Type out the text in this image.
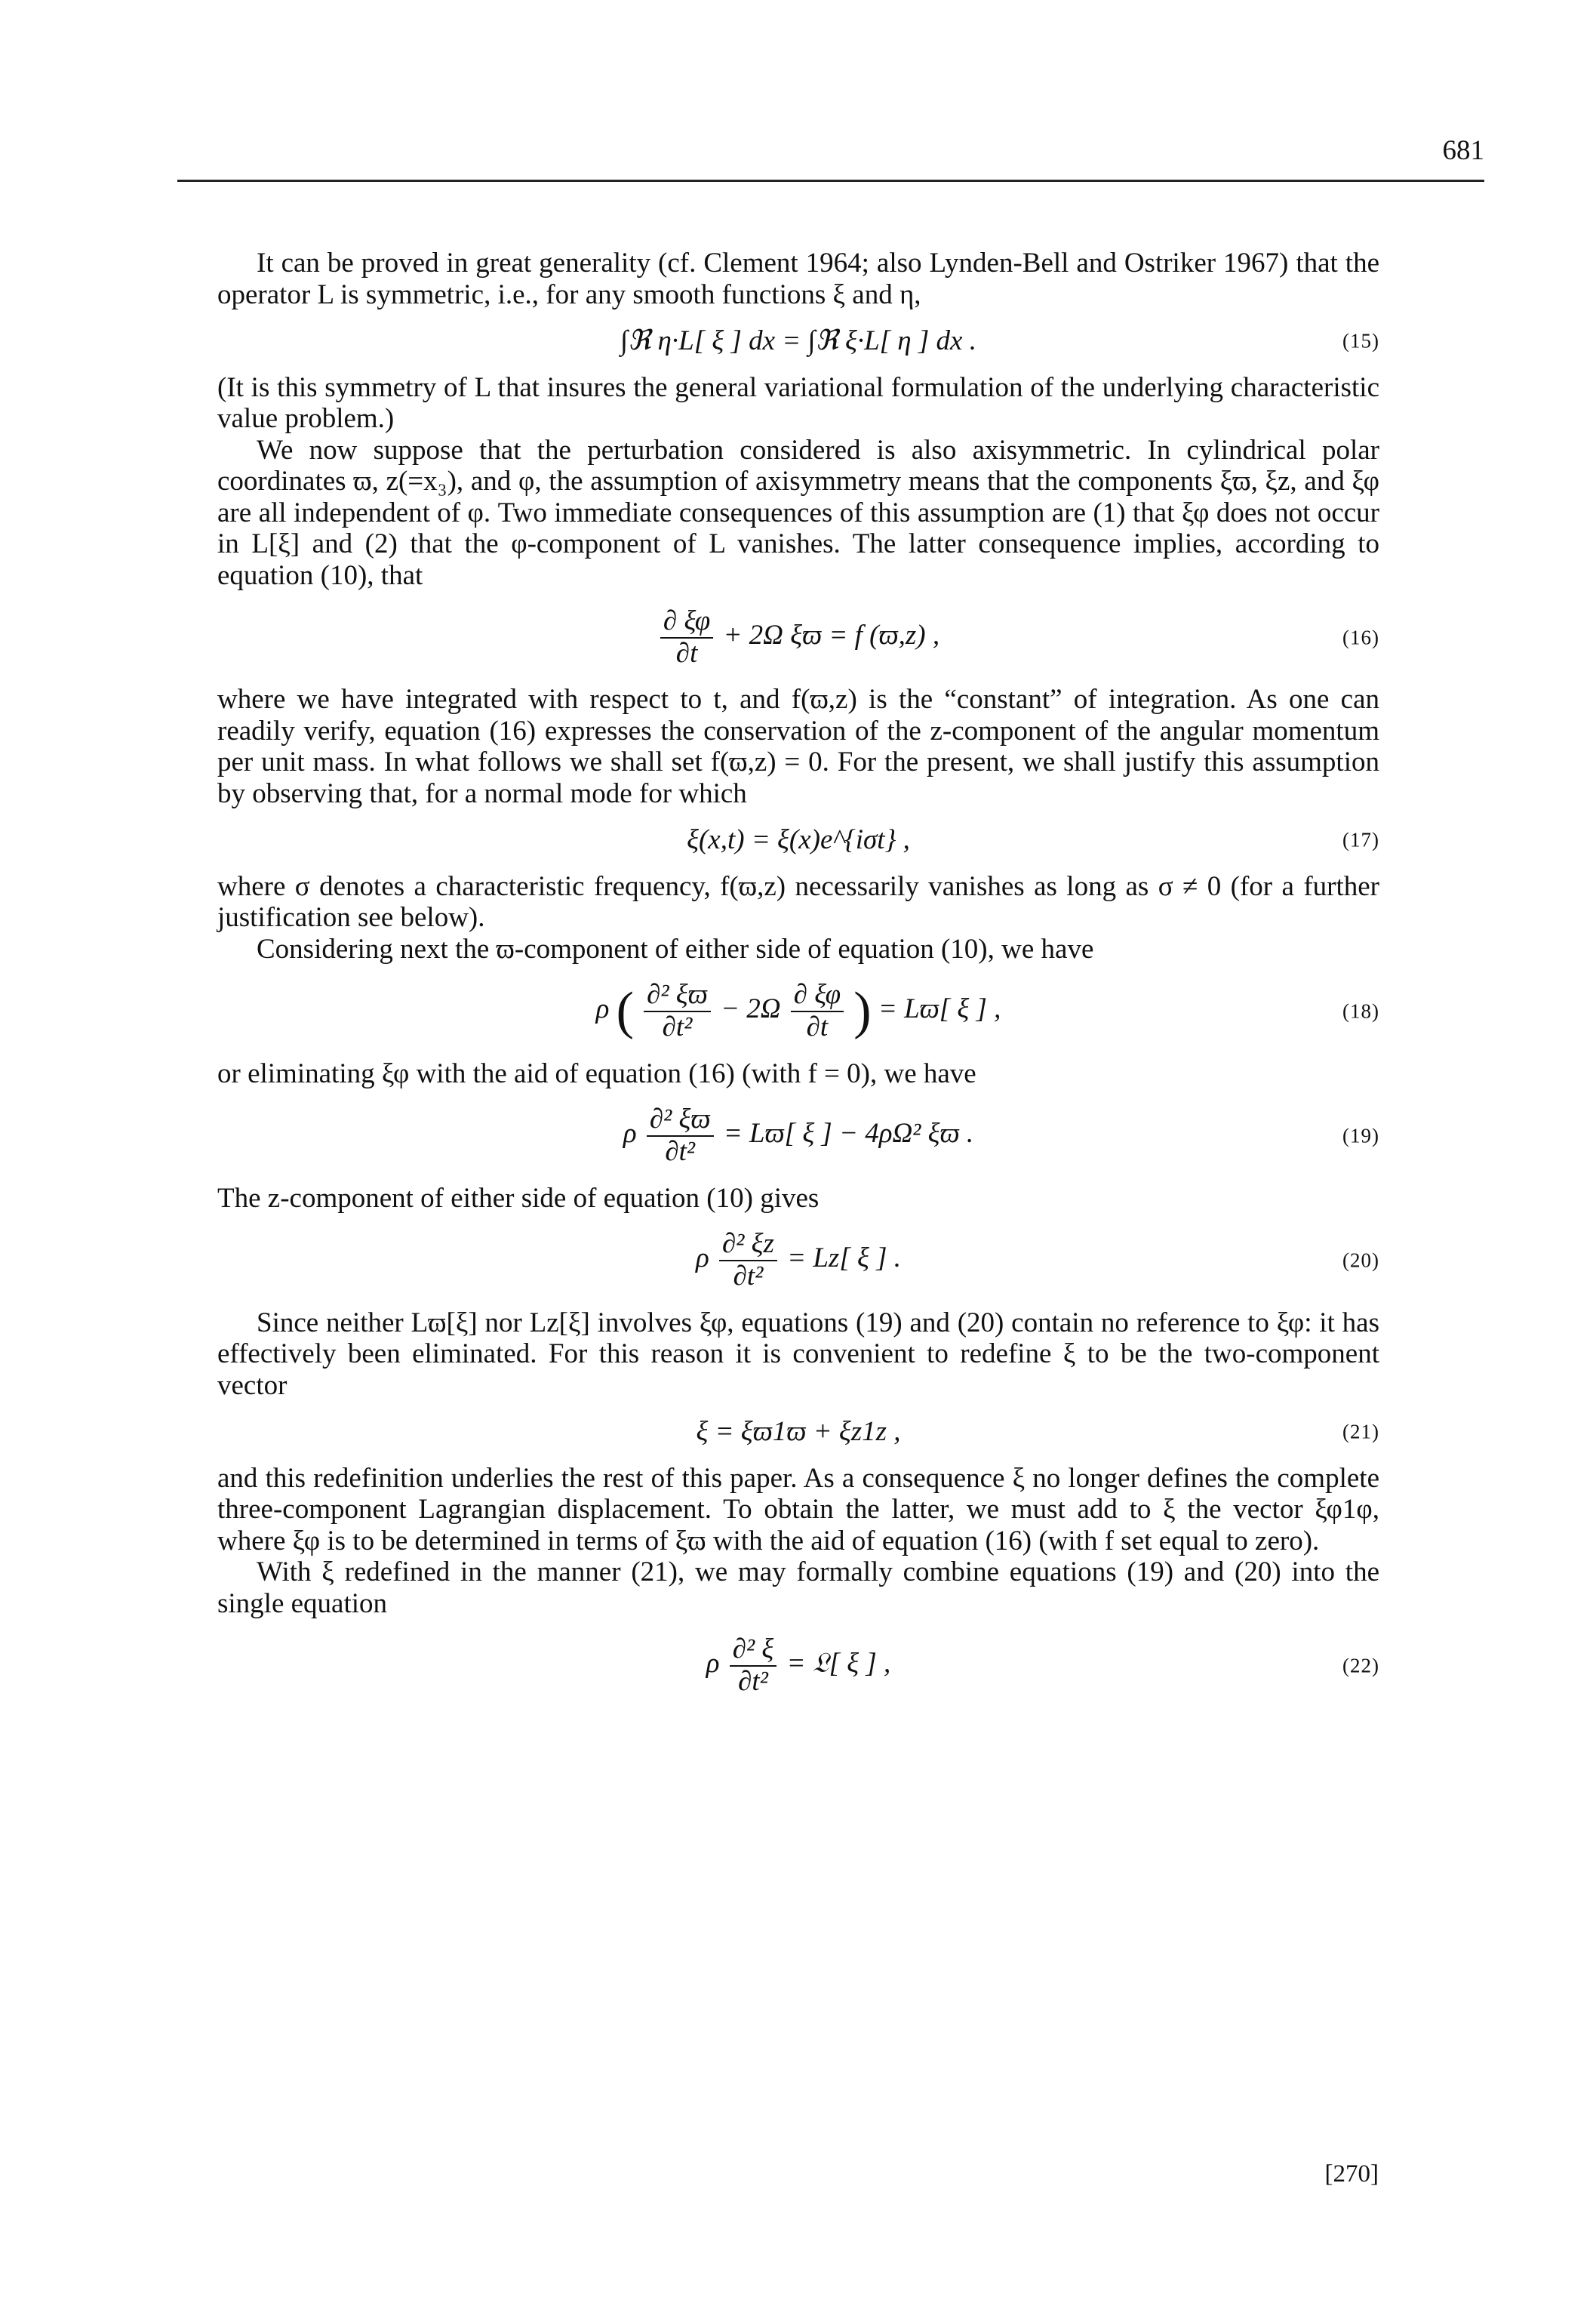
681

It can be proved in great generality (cf. Clement 1964; also Lynden-Bell and Ostriker 1967) that the operator L is symmetric, i.e., for any smooth functions ξ and η,

∫ℜ η·L[ ξ ] dx = ∫ℜ ξ·L[ η ] dx .	(15)

(It is this symmetry of L that insures the general variational formulation of the underlying characteristic value problem.)

We now suppose that the perturbation considered is also axisymmetric. In cylindrical polar coordinates ϖ, z(=x₃), and φ, the assumption of axisymmetry means that the components ξϖ, ξz, and ξφ are all independent of φ. Two immediate consequences of this assumption are (1) that ξφ does not occur in L[ξ] and (2) that the φ-component of L vanishes. The latter consequence implies, according to equation (10), that

$\frac{\partial \xi\varphi}{\partial t} + 2\Omega$ ξϖ = f (ϖ,z) ,	(16)

where we have integrated with respect to t, and f(ϖ,z) is the “constant” of integration. As one can readily verify, equation (16) expresses the conservation of the z-component of the angular momentum per unit mass. In what follows we shall set f(ϖ,z) = 0. For the present, we shall justify this assumption by observing that, for a normal mode for which

ξ(x,t) = ξ(x)e^{iσt} ,	(17)

where σ denotes a characteristic frequency, f(ϖ,z) necessarily vanishes as long as σ ≠ 0 (for a further justification see below).

Considering next the ϖ-component of either side of equation (10), we have

ρ ( $\frac{\text{∂² ξϖ}}{\text{∂t²}} - 2\Omega \frac{\partial \xi\varphi}{\partial t}$ ) = Lϖ[ ξ ] ,	(18)

or eliminating ξφ with the aid of equation (16) (with f = 0), we have

ρ $\frac{\text{∂² ξϖ}}{\text{∂t²}} = Lϖ$[ ξ ] − 4ρΩ² ξϖ .	(19)

The z-component of either side of equation (10) gives

ρ $\frac{\text{∂² ξz}}{\text{∂t²}} = Lz$[ ξ ] .	(20)

Since neither Lϖ[ξ] nor Lz[ξ] involves ξφ, equations (19) and (20) contain no reference to ξφ: it has effectively been eliminated. For this reason it is convenient to redefine ξ to be the two-component vector

ξ = ξϖ1ϖ + ξz1z ,	(21)

and this redefinition underlies the rest of this paper. As a consequence ξ no longer defines the complete three-component Lagrangian displacement. To obtain the latter, we must add to ξ the vector ξφ1φ, where ξφ is to be determined in terms of ξϖ with the aid of equation (16) (with f set equal to zero).

With ξ redefined in the manner (21), we may formally combine equations (19) and (20) into the single equation

ρ $\frac{\text{∂² ξ}}{\text{∂t²}}$ = 𝔏[ ξ ] ,	(22)
[270]
